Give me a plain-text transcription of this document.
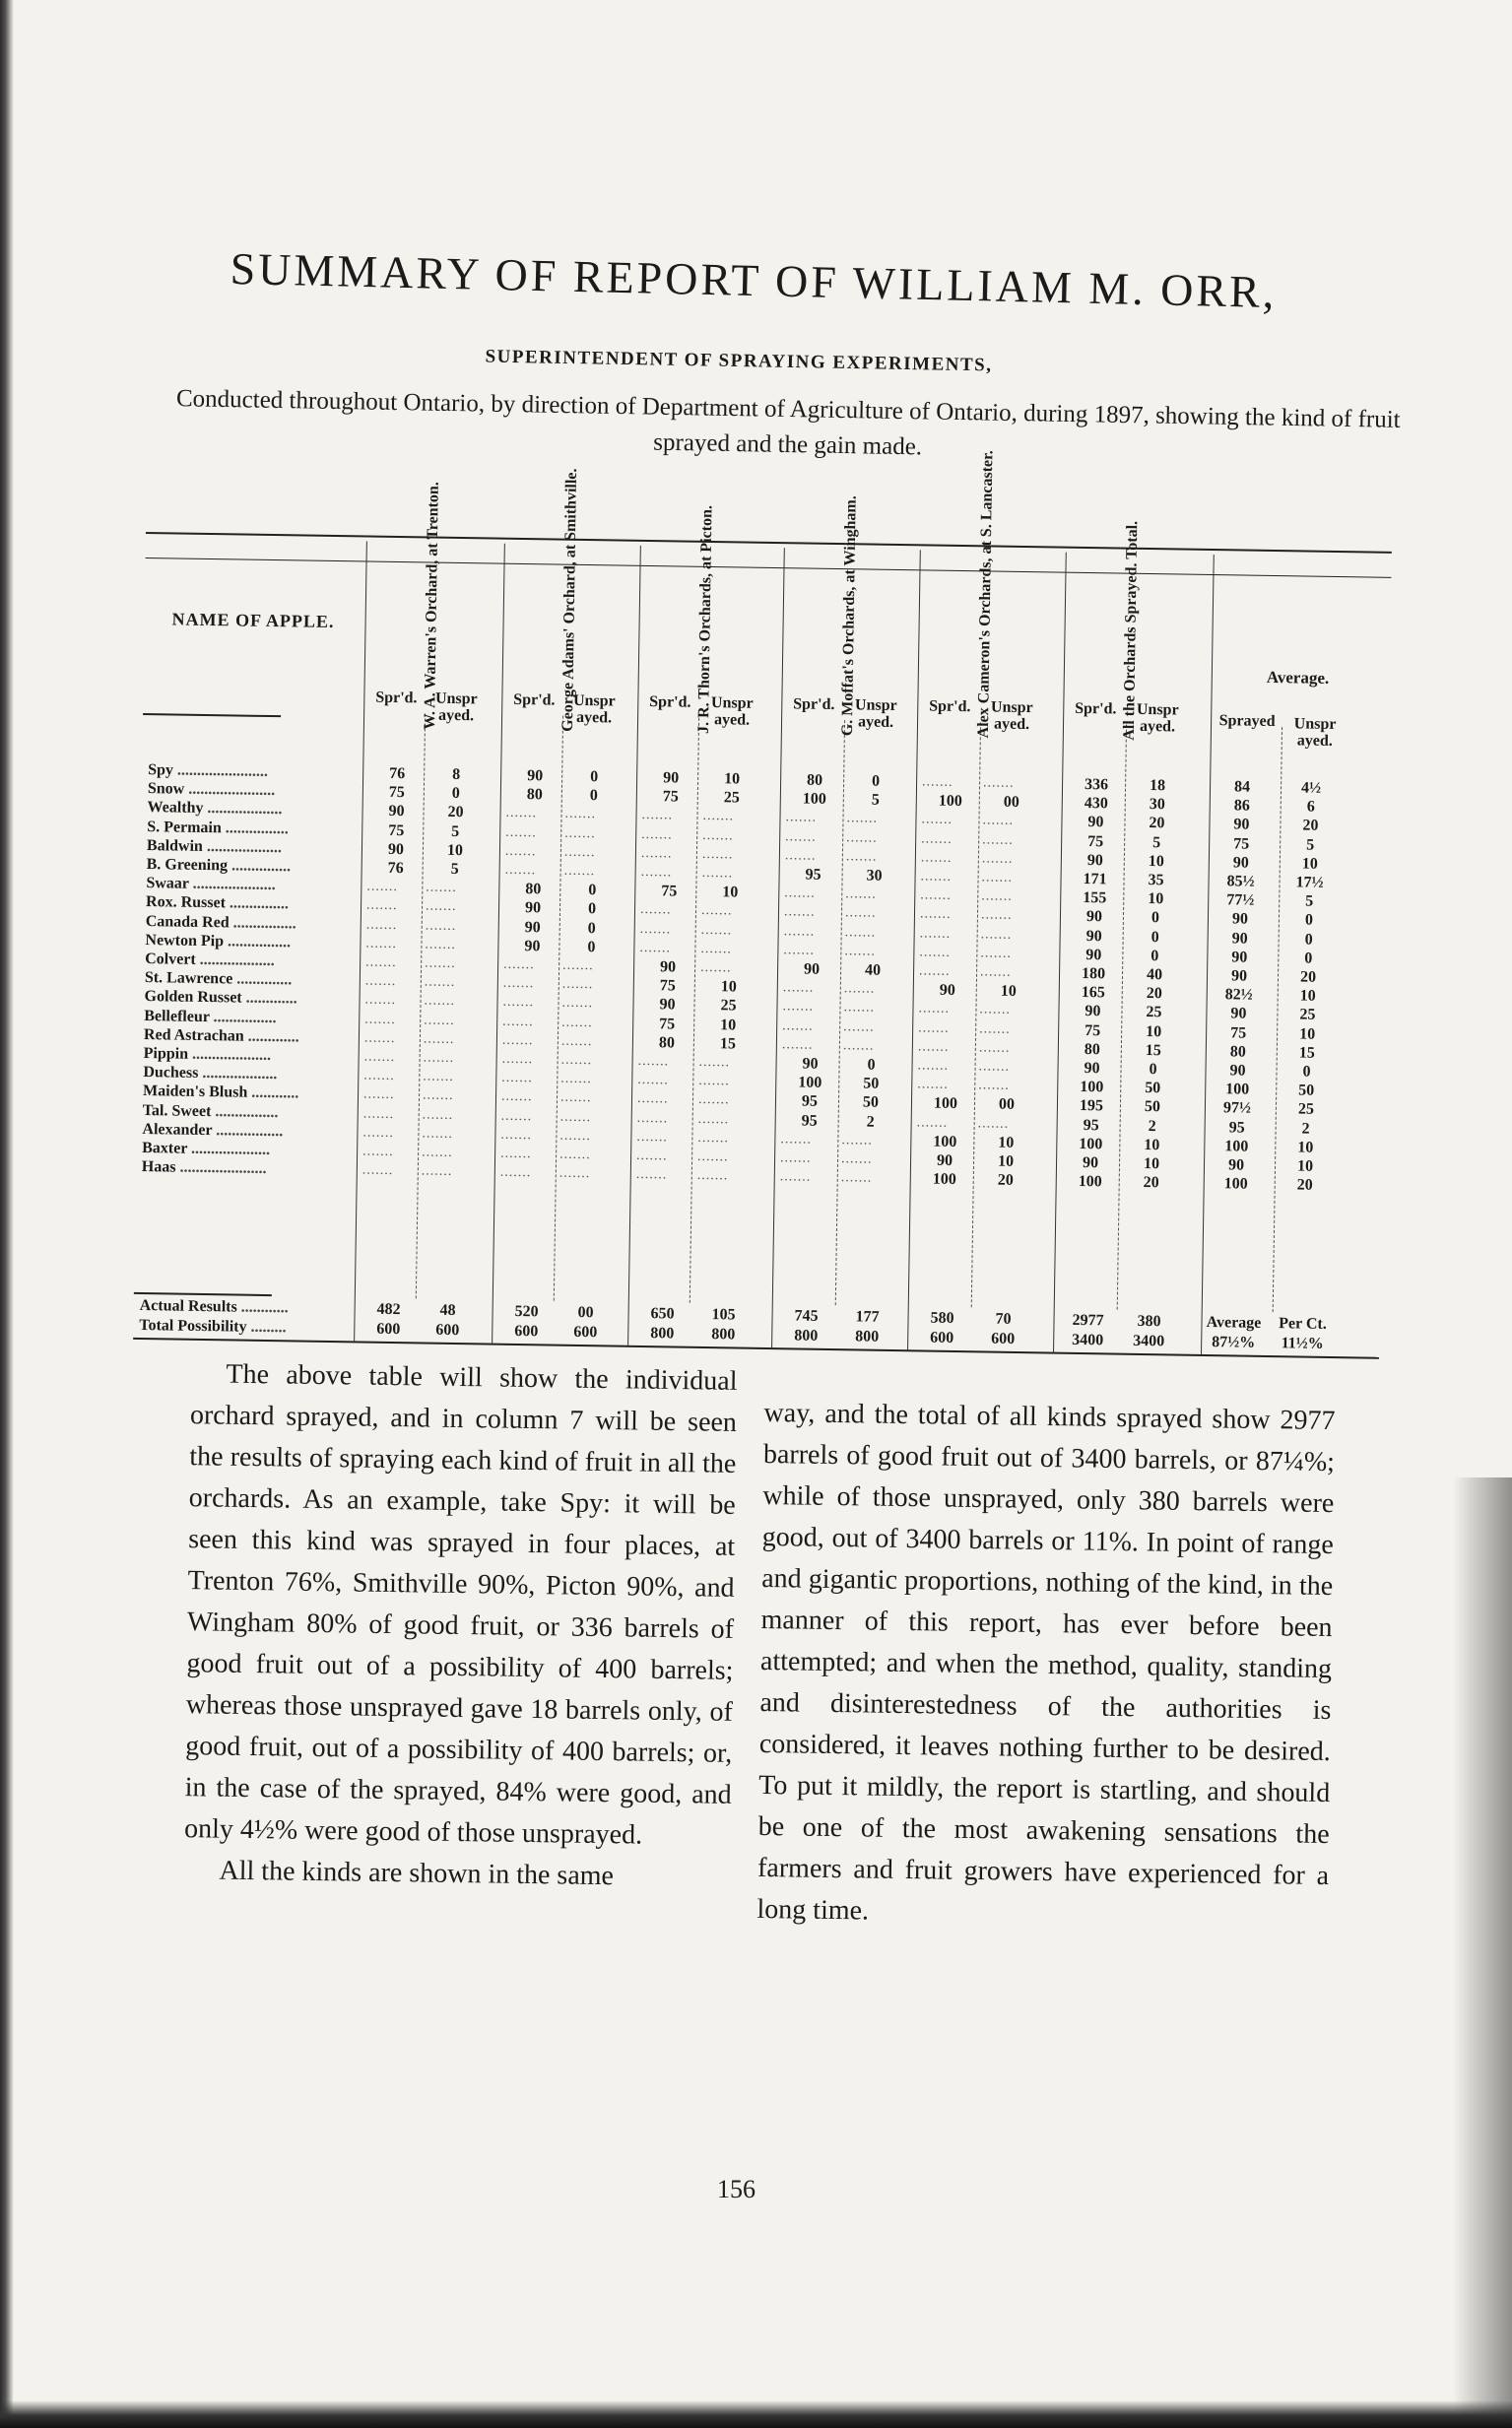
SUMMARY OF REPORT OF WILLIAM M. ORR,
SUPERINTENDENT OF SPRAYING EXPERIMENTS,
Conducted throughout Ontario, by direction of Department of Agriculture of Ontario, during 1897, showing the kind of fruit sprayed and the gain made.
NAME OF APPLE.
Average.
W. A. Warren's Orchard, at Trenton.	George Adams' Orchard, at Smithville.	J. R. Thorn's Orchards, at Picton.	G. Moffat's Orchards, at Wingham.	Alex Cameron's Orchards, at S. Lancaster.	All the Orchards Sprayed. Total.
Spr'd.	Unspr ayed.
Spr'd.	Unspr ayed.
Spr'd.	Unspr ayed.
Spr'd.	Unspr ayed.
Spr'd.	Unspr ayed.
Spr'd.	Unspr ayed.	Sprayed	Unspr ayed.
Spy .......................	76	8	90	0	90	10	80	0	.......	.......	336	18	84	4½
Snow ......................	75	0	80	0	75	25	100	5	100	00	430	30	86	6
Wealthy ...................	90	20	.......	.......	.......	.......	.......	.......	.......	.......	90	20	90	20
S. Permain ................	75	5	.......	.......	.......	.......	.......	.......	.......	.......	75	5	75	5
Baldwin ...................	90	10	.......	.......	.......	.......	.......	.......	.......	.......	90	10	90	10
B. Greening ...............	76	5	.......	.......	.......	.......	95	30	.......	.......	171	35	85½	17½
Swaar .....................	.......	.......	80	0	75	10	.......	.......	.......	.......	155	10	77½	5
Rox. Russet ...............	.......	.......	90	0	.......	.......	.......	.......	.......	.......	90	0	90	0
Canada Red ................	.......	.......	90	0	.......	.......	.......	.......	.......	.......	90	0	90	0
Newton Pip ................	.......	.......	90	0	.......	.......	.......	.......	.......	.......	90	0	90	0
Colvert ...................	.......	.......	.......	.......	90	.......	90	40	.......	.......	180	40	90	20
St. Lawrence ..............	.......	.......	.......	.......	75	10	.......	.......	90	10	165	20	82½	10
Golden Russet .............	.......	.......	.......	.......	90	25	.......	.......	.......	.......	90	25	90	25
Bellefleur ................	.......	.......	.......	.......	75	10	.......	.......	.......	.......	75	10	75	10
Red Astrachan .............	.......	.......	.......	.......	80	15	.......	.......	.......	.......	80	15	80	15
Pippin ....................	.......	.......	.......	.......	.......	.......	90	0	.......	.......	90	0	90	0
Duchess ...................	.......	.......	.......	.......	.......	.......	100	50	.......	.......	100	50	100	50
Maiden's Blush ............	.......	.......	.......	.......	.......	.......	95	50	100	00	195	50	97½	25
Tal. Sweet ................	.......	.......	.......	.......	.......	.......	95	2	.......	.......	95	2	95	2
Alexander .................	.......	.......	.......	.......	.......	.......	.......	.......	100	10	100	10	100	10
Baxter ....................	.......	.......	.......	.......	.......	.......	.......	.......	90	10	90	10	90	10
Haas ......................	.......	.......	.......	.......	.......	.......	.......	.......	100	20	100	20	100	20
Actual Results ............	482	48	520	00	650	105	745	177	580	70	2977	380	Average	Per Ct.
Total Possibility .........	600	600	600	600	800	800	800	800	600	600	3400	3400	87½%	11½%

The above table will show the individual orchard sprayed, and in column 7 will be seen the results of spraying each kind of fruit in all the orchards. As an example, take Spy: it will be seen this kind was sprayed in four places, at Trenton 76%, Smithville 90%, Picton 90%, and Wingham 80% of good fruit, or 336 barrels of good fruit out of a possibility of 400 barrels; whereas those unsprayed gave 18 barrels only, of good fruit, out of a possibility of 400 barrels; or, in the case of the sprayed, 84% were good, and only 4½% were good of those unsprayed.

All the kinds are shown in the same

way, and the total of all kinds sprayed show 2977 barrels of good fruit out of 3400 barrels, or 87¼%; while of those unsprayed, only 380 barrels were good, out of 3400 barrels or 11%. In point of range and gigantic proportions, nothing of the kind, in the manner of this report, has ever before been attempted; and when the method, quality, standing and disinterestedness of the authorities is considered, it leaves nothing further to be desired. To put it mildly, the report is startling, and should be one of the most awakening sensations the farmers and fruit growers have experienced for a long time.

156
